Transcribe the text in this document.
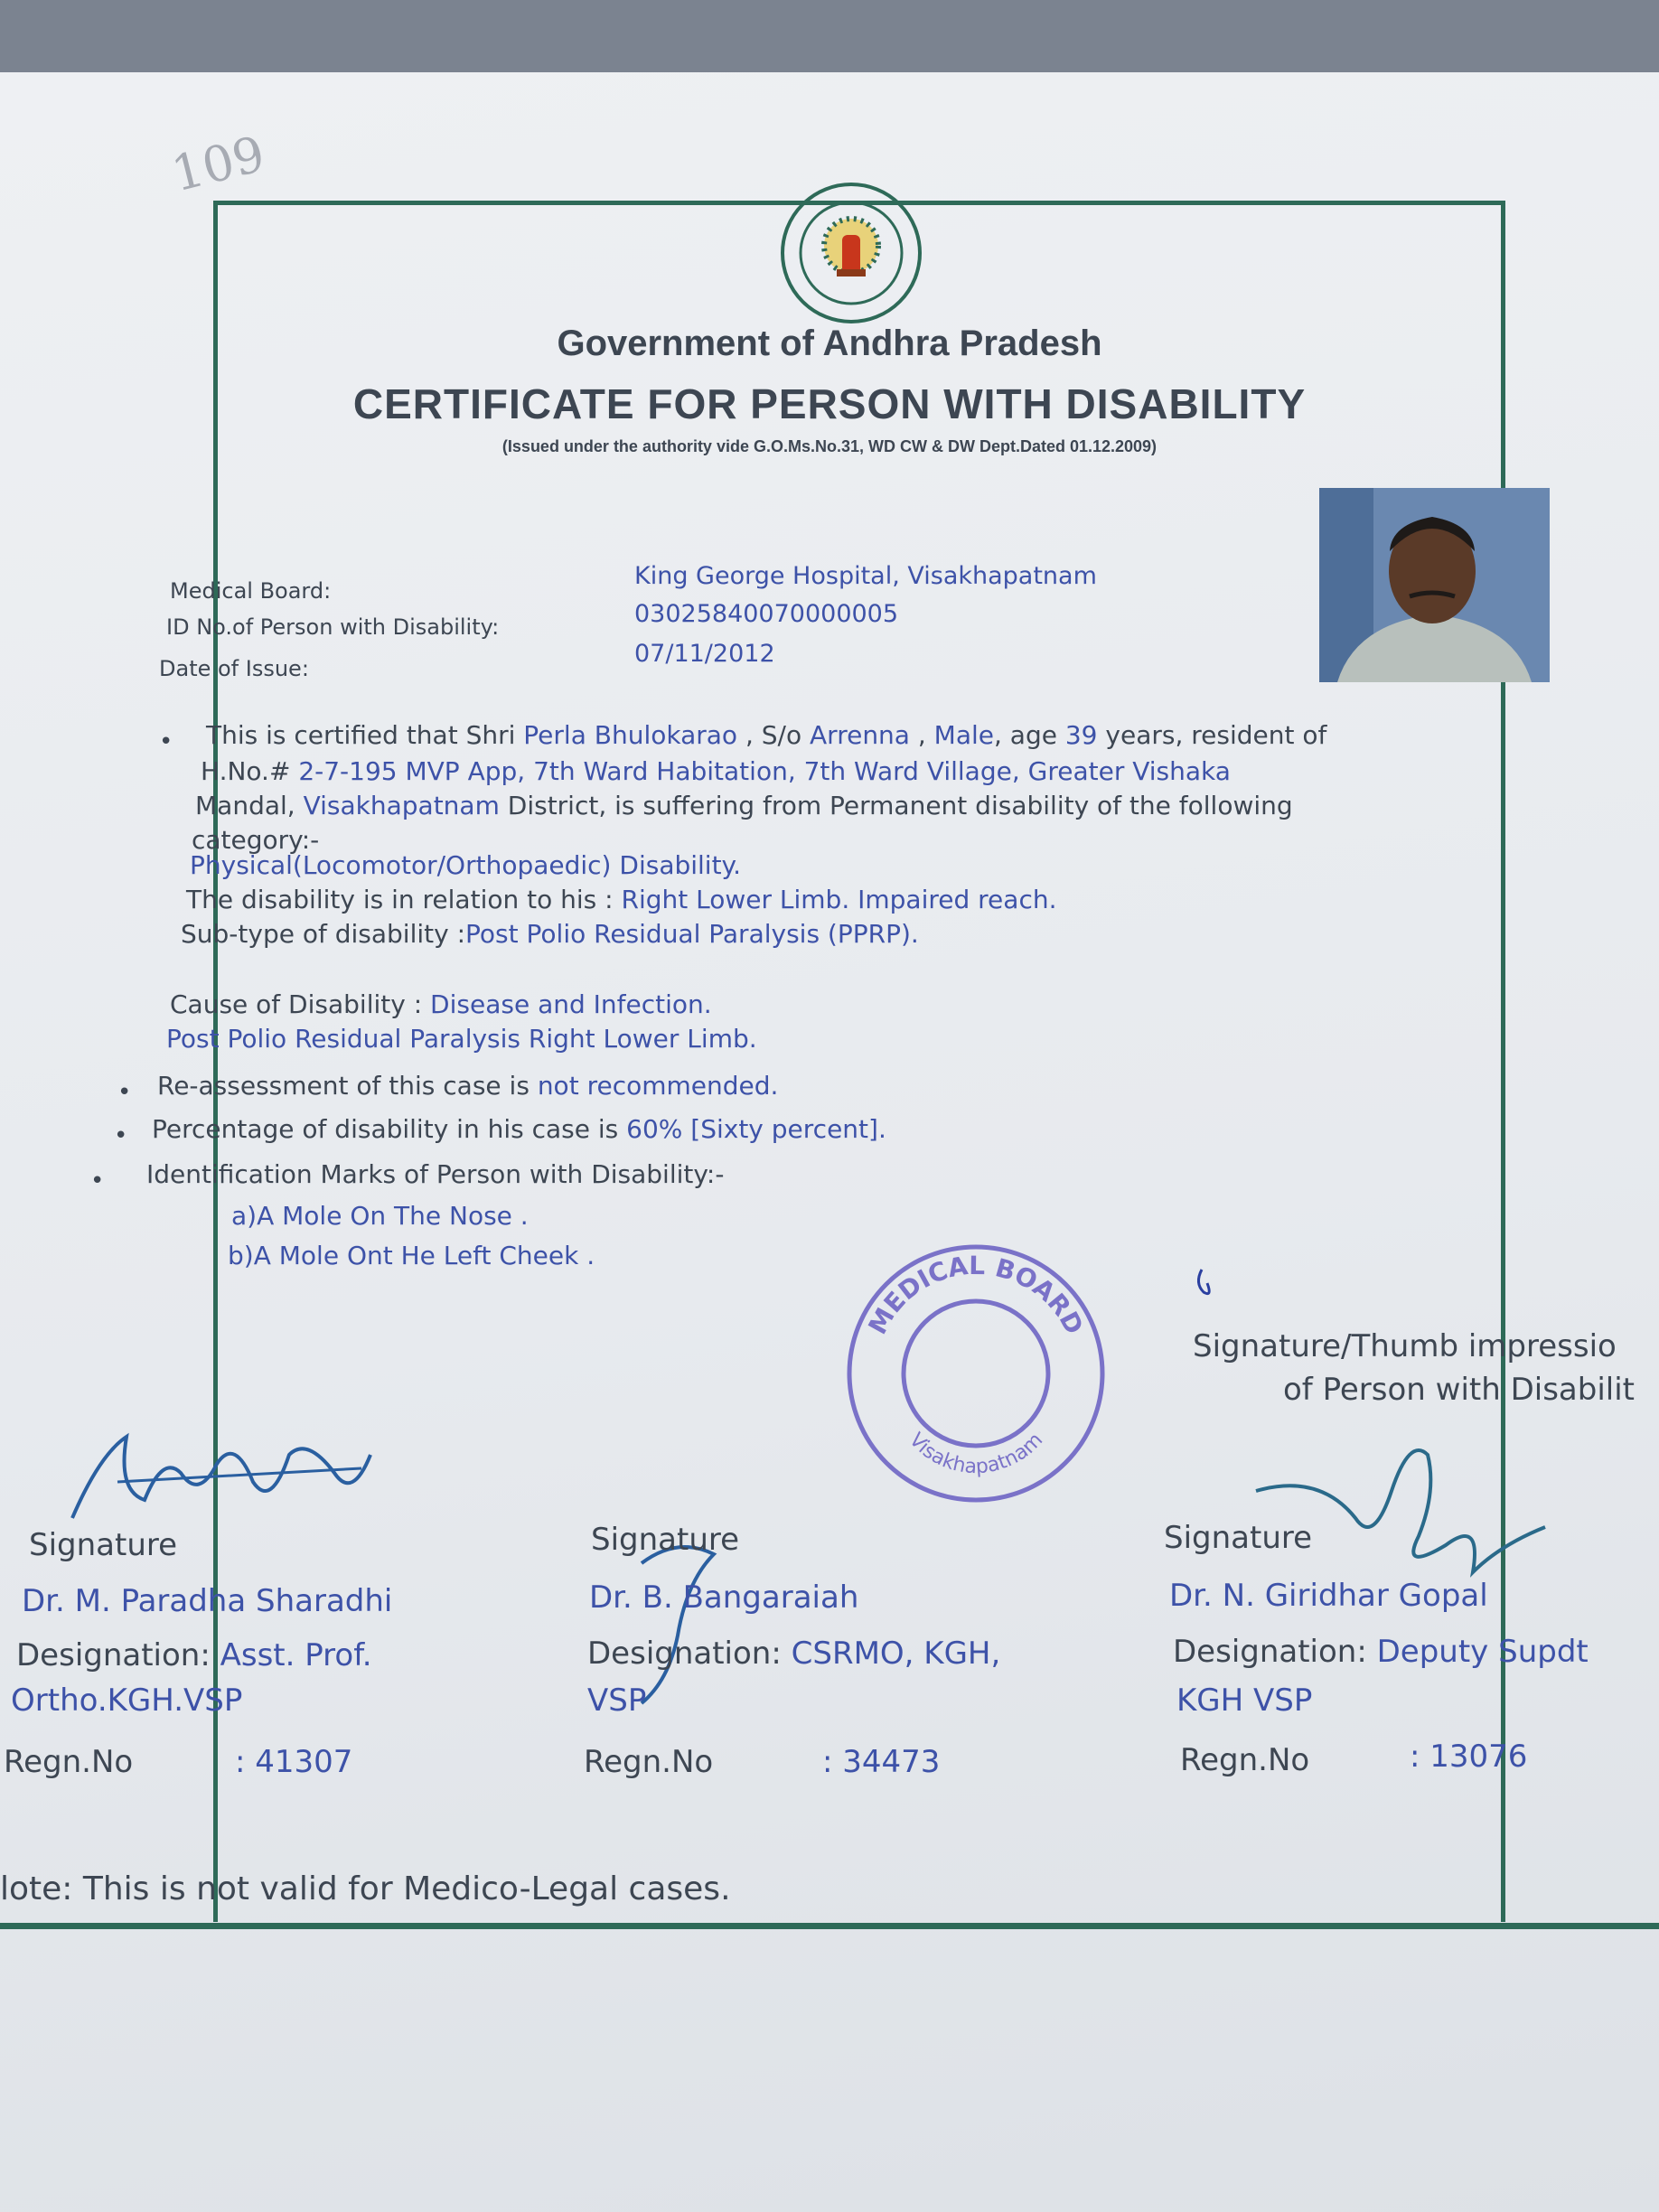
109
Government of Andhra Pradesh
CERTIFICATE FOR PERSON WITH DISABILITY
(Issued under the authority vide G.O.Ms.No.31, WD CW & DW Dept.Dated 01.12.2009)
Medical Board:
King George Hospital, Visakhapatnam
ID No.of Person with Disability:	03025840070000005
Date of Issue:
07/11/2012
• This is certified that Shri Perla Bhulokarao , S/o Arrenna , Male, age 39 years, resident of
H.No.# 2-7-195 MVP App, 7th Ward Habitation, 7th Ward Village, Greater Vishaka
Mandal, Visakhapatnam District, is suffering from Permanent disability of the following
category:-
Physical(Locomotor/Orthopaedic) Disability.
The disability is in relation to his : Right Lower Limb. Impaired reach.
Sub-type of disability :Post Polio Residual Paralysis (PPRP).
Cause of Disability : Disease and Infection.
Post Polio Residual Paralysis Right Lower Limb.
• Re-assessment of this case is not recommended.
• Percentage of disability in his case is 60% [Sixty percent].
• Identification Marks of Person with Disability:-
a)A Mole On The Nose .
b)A Mole Ont He Left Cheek .
MEDICAL BOARD
Visakhapatnam
Signature/Thumb impressio
of Person with Disabilit
Signature
Dr. M. Paradha Sharadhi
Designation: Asst. Prof.
Ortho.KGH.VSP
Regn.No	: 41307
Signature
Dr. B. Bangaraiah
Designation: CSRMO, KGH,
VSP
Regn.No	: 34473
Signature
Dr. N. Giridhar Gopal
Designation: Deputy Supdt
KGH VSP
Regn.No	: 13076
lote: This is not valid for Medico-Legal cases.
